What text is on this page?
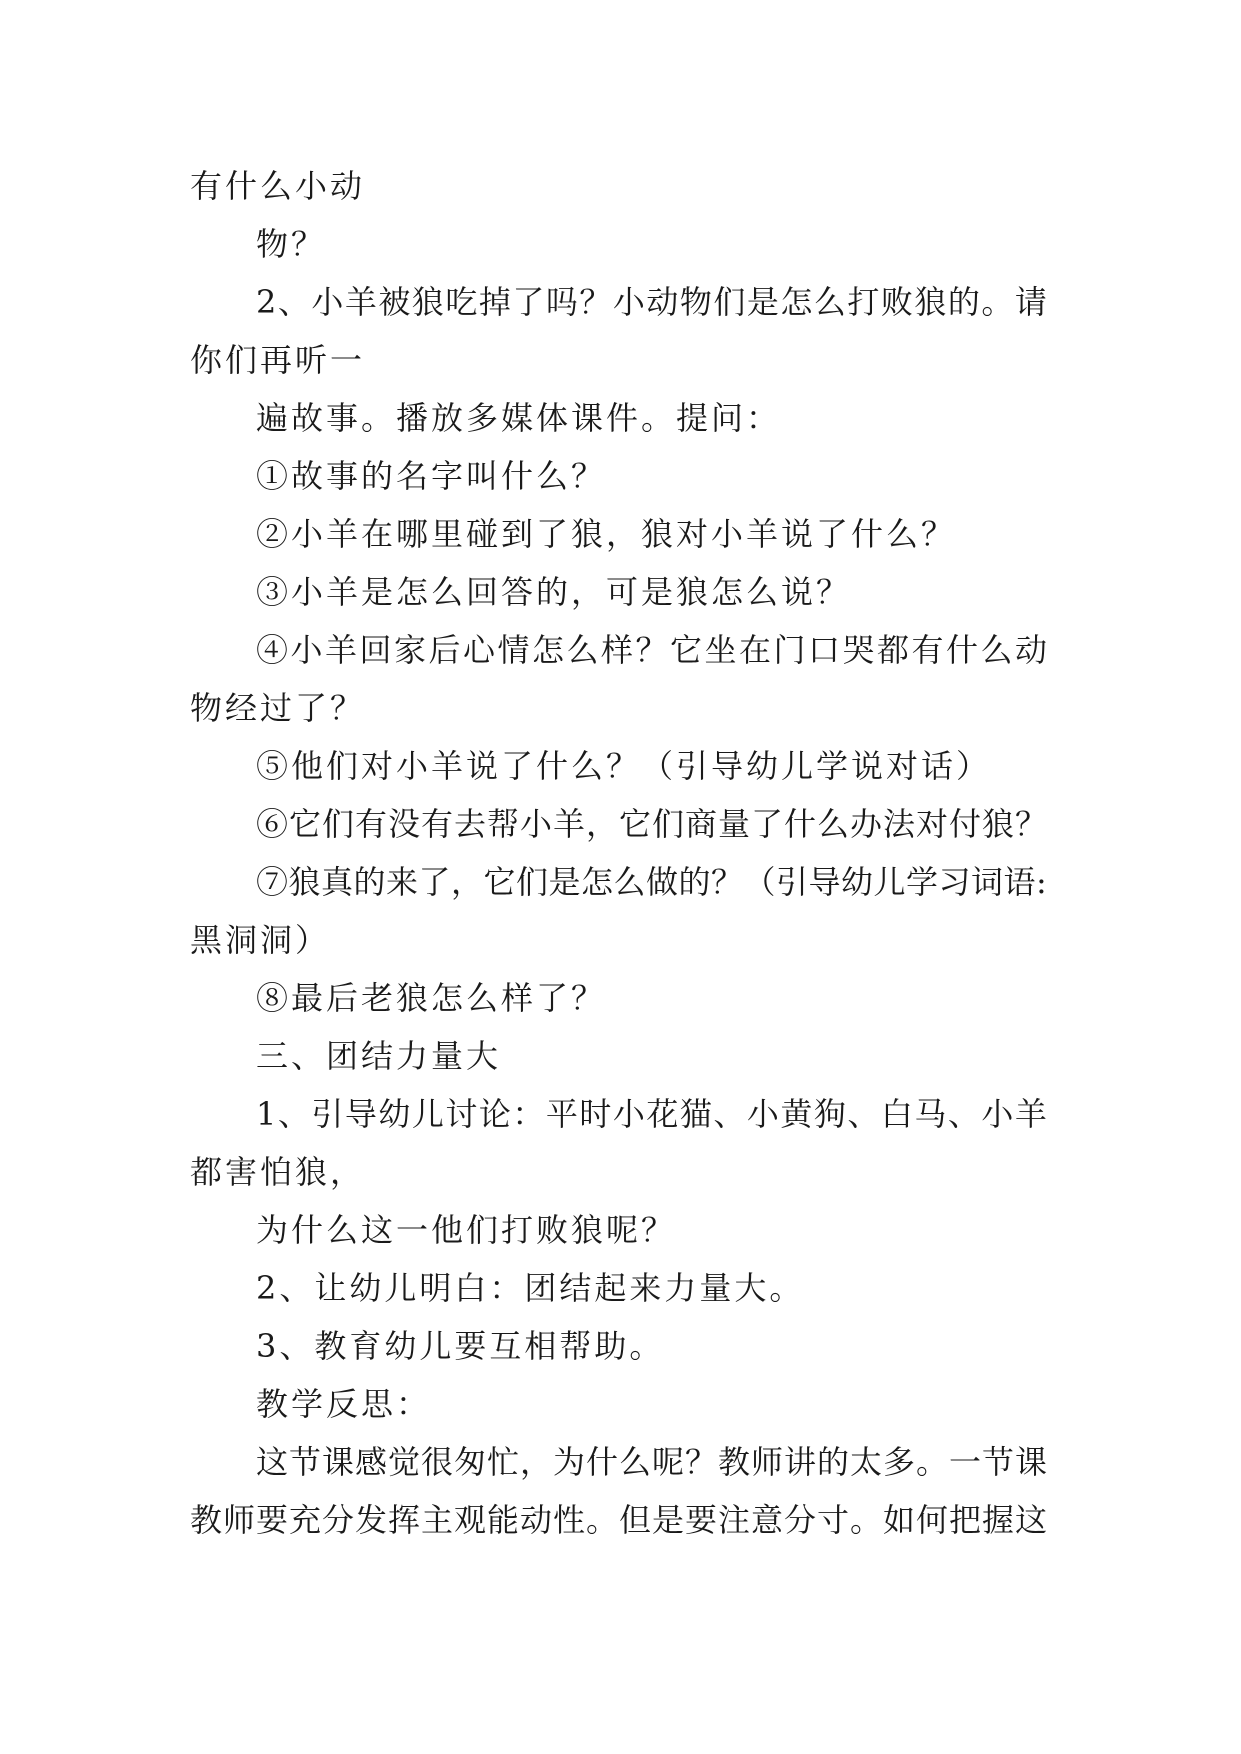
有什么小动
物？
2、小羊被狼吃掉了吗？小动物们是怎么打败狼的。请
你们再听一
遍故事。播放多媒体课件。提问：
①故事的名字叫什么？
②小羊在哪里碰到了狼，狼对小羊说了什么？
③小羊是怎么回答的，可是狼怎么说？
④小羊回家后心情怎么样？它坐在门口哭都有什么动
物经过了？
⑤他们对小羊说了什么？（引导幼儿学说对话）
⑥它们有没有去帮小羊，它们商量了什么办法对付狼？
⑦狼真的来了，它们是怎么做的？（引导幼儿学习词语:
黑洞洞）
⑧最后老狼怎么样了？
三、团结力量大
1、引导幼儿讨论：平时小花猫、小黄狗、白马、小羊
都害怕狼，
为什么这一他们打败狼呢？
2、让幼儿明白：团结起来力量大。
3、教育幼儿要互相帮助。
教学反思：
这节课感觉很匆忙，为什么呢？教师讲的太多。一节课
教师要充分发挥主观能动性。但是要注意分寸。如何把握这
